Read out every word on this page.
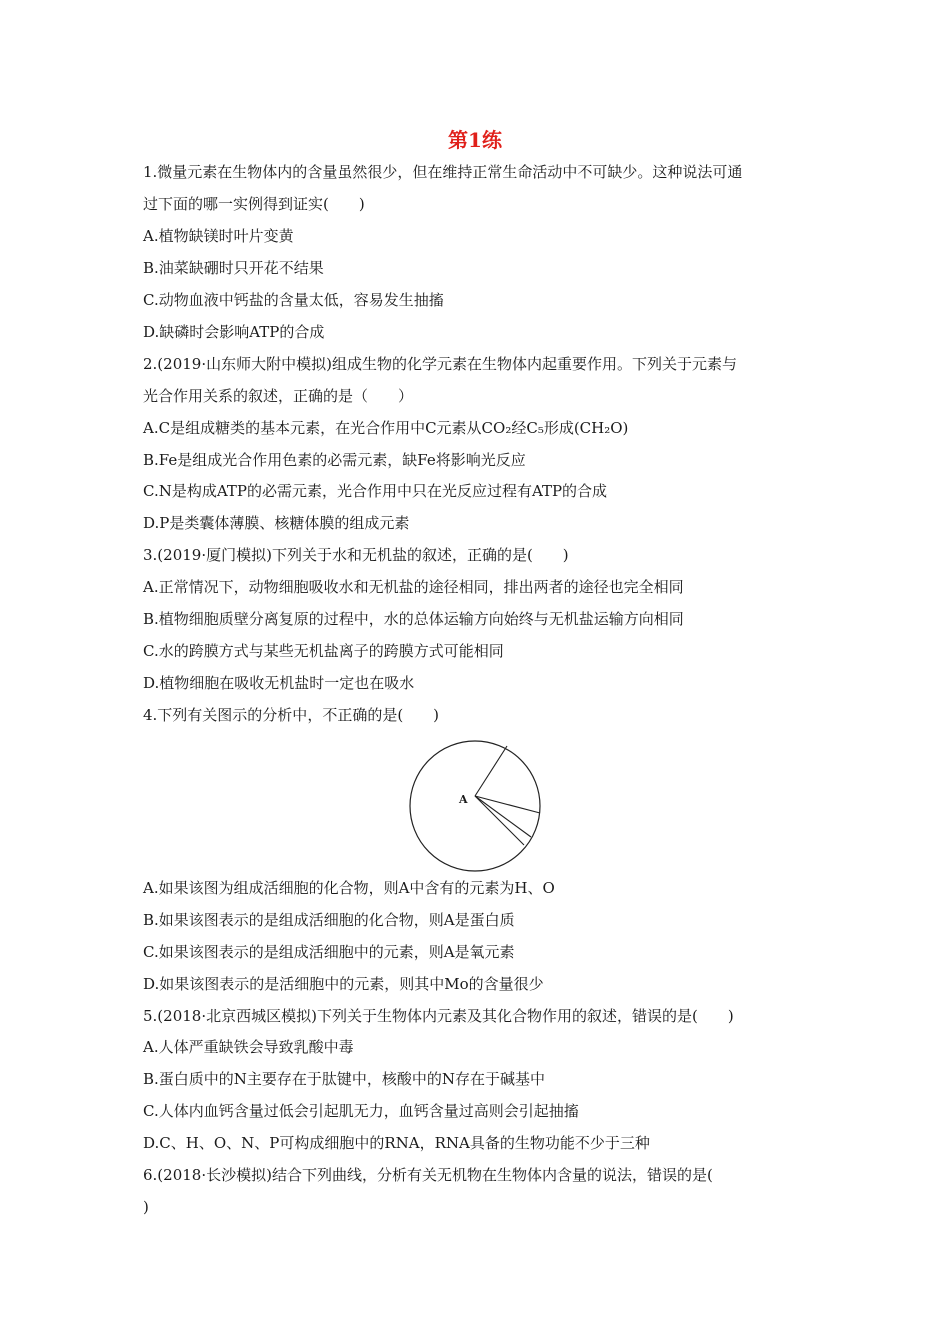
第1练
1.微量元素在生物体内的含量虽然很少，但在维持正常生命活动中不可缺少。这种说法可通
过下面的哪一实例得到证实(　　)
A.植物缺镁时叶片变黄
B.油菜缺硼时只开花不结果
C.动物血液中钙盐的含量太低，容易发生抽搐
D.缺磷时会影响ATP的合成
2.(2019·山东师大附中模拟)组成生物的化学元素在生物体内起重要作用。下列关于元素与
光合作用关系的叙述，正确的是（　　）
A.C是组成糖类的基本元素，在光合作用中C元素从CO₂经C₅形成(CH₂O)
B.Fe是组成光合作用色素的必需元素，缺Fe将影响光反应
C.N是构成ATP的必需元素，光合作用中只在光反应过程有ATP的合成
D.P是类囊体薄膜、核糖体膜的组成元素
3.(2019·厦门模拟)下列关于水和无机盐的叙述，正确的是(　　)
A.正常情况下，动物细胞吸收水和无机盐的途径相同，排出两者的途径也完全相同
B.植物细胞质壁分离复原的过程中，水的总体运输方向始终与无机盐运输方向相同
C.水的跨膜方式与某些无机盐离子的跨膜方式可能相同
D.植物细胞在吸收无机盐时一定也在吸水
4.下列有关图示的分析中，不正确的是(　　)
A
A.如果该图为组成活细胞的化合物，则A中含有的元素为H、O
B.如果该图表示的是组成活细胞的化合物，则A是蛋白质
C.如果该图表示的是组成活细胞中的元素，则A是氧元素
D.如果该图表示的是活细胞中的元素，则其中Mo的含量很少
5.(2018·北京西城区模拟)下列关于生物体内元素及其化合物作用的叙述，错误的是(　　)
A.人体严重缺铁会导致乳酸中毒
B.蛋白质中的N主要存在于肽键中，核酸中的N存在于碱基中
C.人体内血钙含量过低会引起肌无力，血钙含量过高则会引起抽搐
D.C、H、O、N、P可构成细胞中的RNA，RNA具备的生物功能不少于三种
6.(2018·长沙模拟)结合下列曲线，分析有关无机物在生物体内含量的说法，错误的是(
)
